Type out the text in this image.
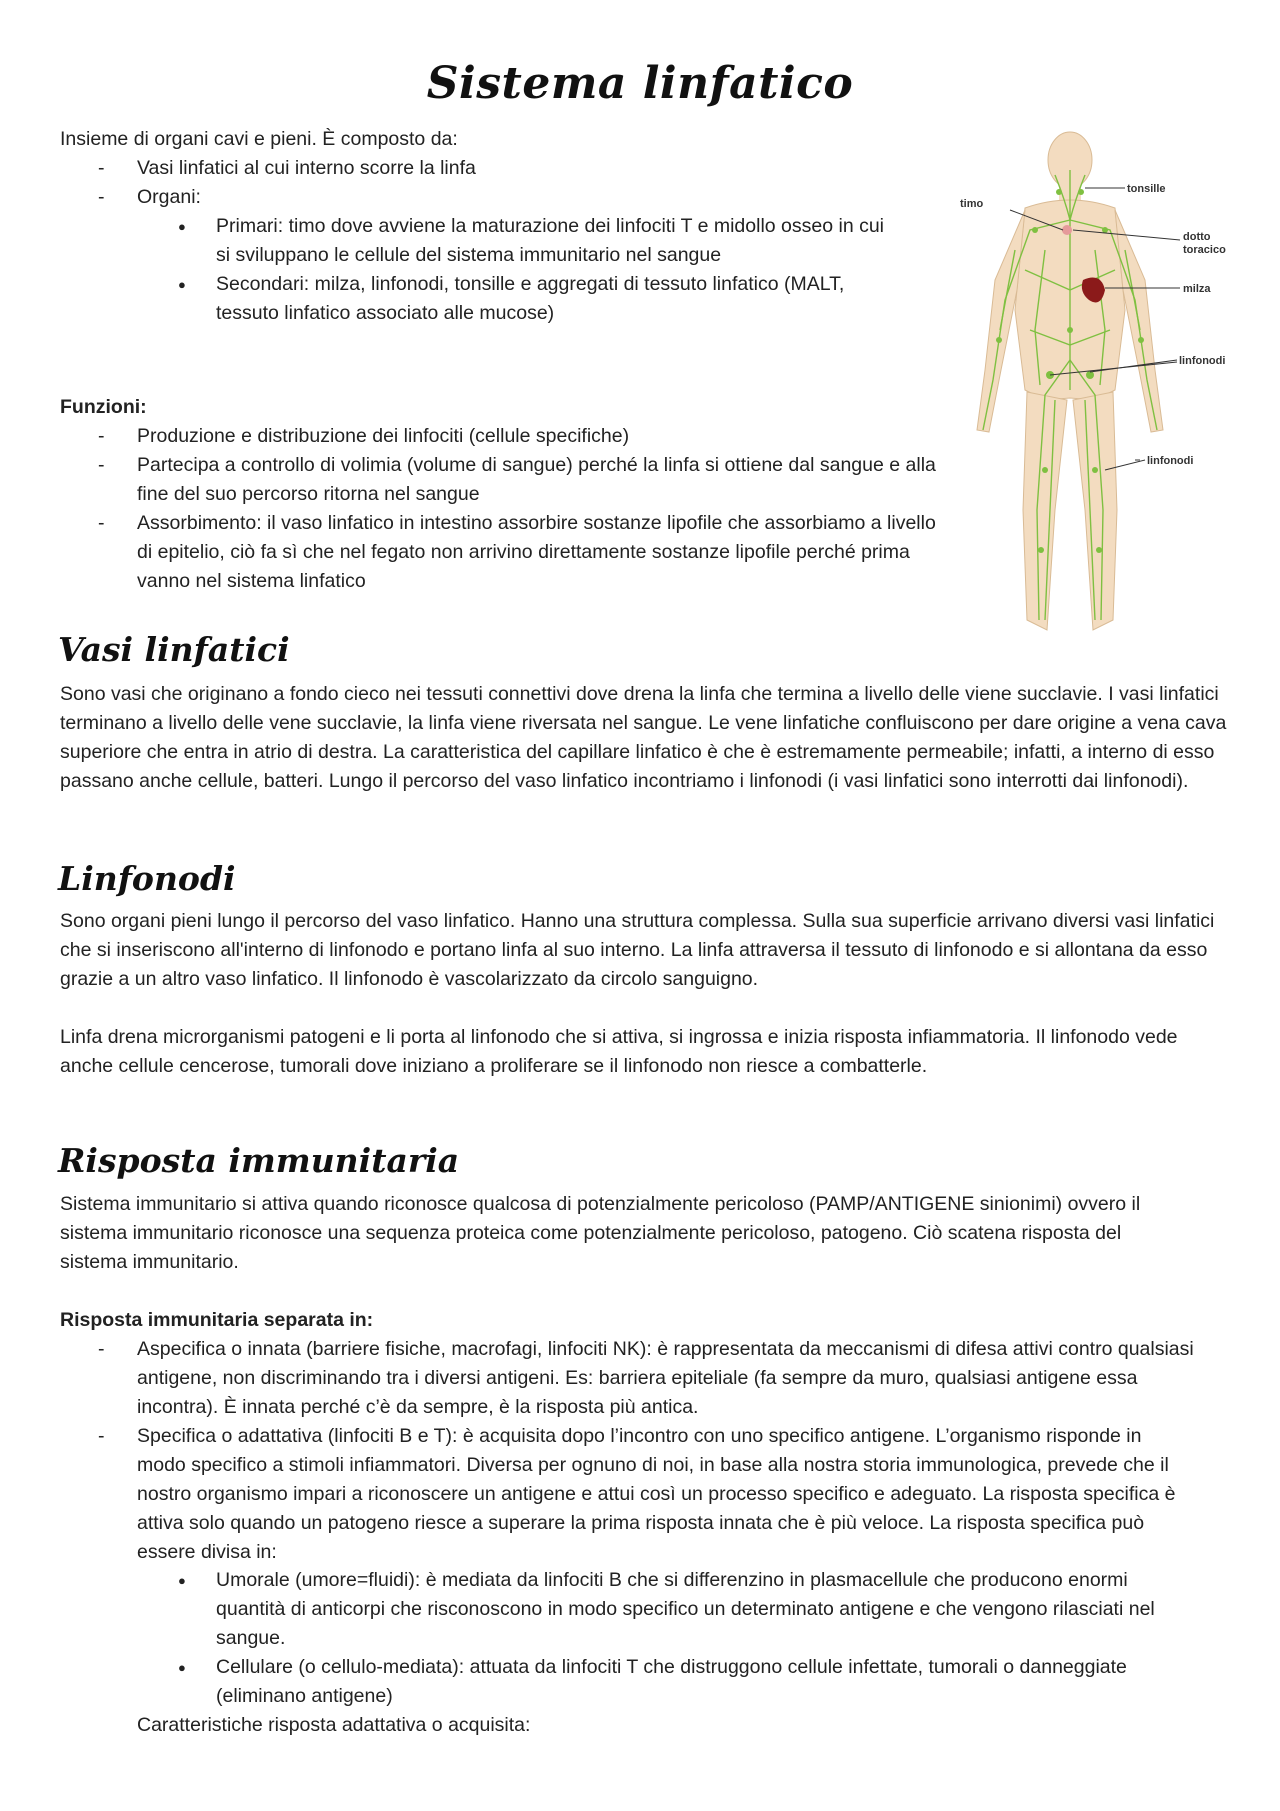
Sistema linfatico

Insieme di organi cavi e pieni. È composto da:

- Vasi linfatici al cui interno scorre la linfa
- Organi:
● Primari: timo dove avviene la maturazione dei linfociti T e midollo osseo in cui si sviluppano le cellule del sistema immunitario nel sangue
● Secondari: milza, linfonodi, tonsille e aggregati di tessuto linfatico (MALT, tessuto linfatico associato alle mucose)

Funzioni:

- Produzione e distribuzione dei linfociti (cellule specifiche)
- Partecipa a controllo di volimia (volume di sangue) perché la linfa si ottiene dal sangue e alla fine del suo percorso ritorna nel sangue
- Assorbimento: il vaso linfatico in intestino assorbire sostanze lipofile che assorbiamo a livello di epitelio, ciò fa sì che nel fegato non arrivino direttamente sostanze lipofile perché prima vanno nel sistema linfatico
tonsille
timo
dotto
toracico
milza
linfonodi
linfonodi
Vasi linfatici

Sono vasi che originano a fondo cieco nei tessuti connettivi dove drena la linfa che termina a livello delle viene succlavie. I vasi linfatici terminano a livello delle vene succlavie, la linfa viene riversata nel sangue. Le vene linfatiche confluiscono per dare origine a vena cava superiore che entra in atrio di destra. La caratteristica del capillare linfatico è che è estremamente permeabile; infatti, a interno di esso passano anche cellule, batteri. Lungo il percorso del vaso linfatico incontriamo i linfonodi (i vasi linfatici sono interrotti dai linfonodi).

Linfonodi

Sono organi pieni lungo il percorso del vaso linfatico. Hanno una struttura complessa. Sulla sua superficie arrivano diversi vasi linfatici che si inseriscono all'interno di linfonodo e portano linfa al suo interno. La linfa attraversa il tessuto di linfonodo e si allontana da esso grazie a un altro vaso linfatico. Il linfonodo è vascolarizzato da circolo sanguigno.

Linfa drena microrganismi patogeni e li porta al linfonodo che si attiva, si ingrossa e inizia risposta infiammatoria. Il linfonodo vede anche cellule cencerose, tumorali dove iniziano a proliferare se il linfonodo non riesce a combatterle.

Risposta immunitaria

Sistema immunitario si attiva quando riconosce qualcosa di potenzialmente pericoloso (PAMP/ANTIGENE sinionimi) ovvero il sistema immunitario riconosce una sequenza proteica come potenzialmente pericoloso, patogeno. Ciò scatena risposta del sistema immunitario.

Risposta immunitaria separata in:

- Aspecifica o innata (barriere fisiche, macrofagi, linfociti NK): è rappresentata da meccanismi di difesa attivi contro qualsiasi antigene, non discriminando tra i diversi antigeni. Es: barriera epiteliale (fa sempre da muro, qualsiasi antigene essa incontra). È innata perché c’è da sempre, è la risposta più antica.
- Specifica o adattativa (linfociti B e T): è acquisita dopo l’incontro con uno specifico antigene. L’organismo risponde in modo specifico a stimoli infiammatori. Diversa per ognuno di noi, in base alla nostra storia immunologica, prevede che il nostro organismo impari a riconoscere un antigene e attui così un processo specifico e adeguato. La risposta specifica è attiva solo quando un patogeno riesce a superare la prima risposta innata che è più veloce. La risposta specifica può essere divisa in:
● Umorale (umore=fluidi): è mediata da linfociti B che si differenzino in plasmacellule che producono enormi quantità di anticorpi che risconoscono in modo specifico un determinato antigene e che vengono rilasciati nel sangue.
● Cellulare (o cellulo-mediata): attuata da linfociti T che distruggono cellule infettate, tumorali o danneggiate (eliminano antigene)

Caratteristiche risposta adattativa o acquisita:
